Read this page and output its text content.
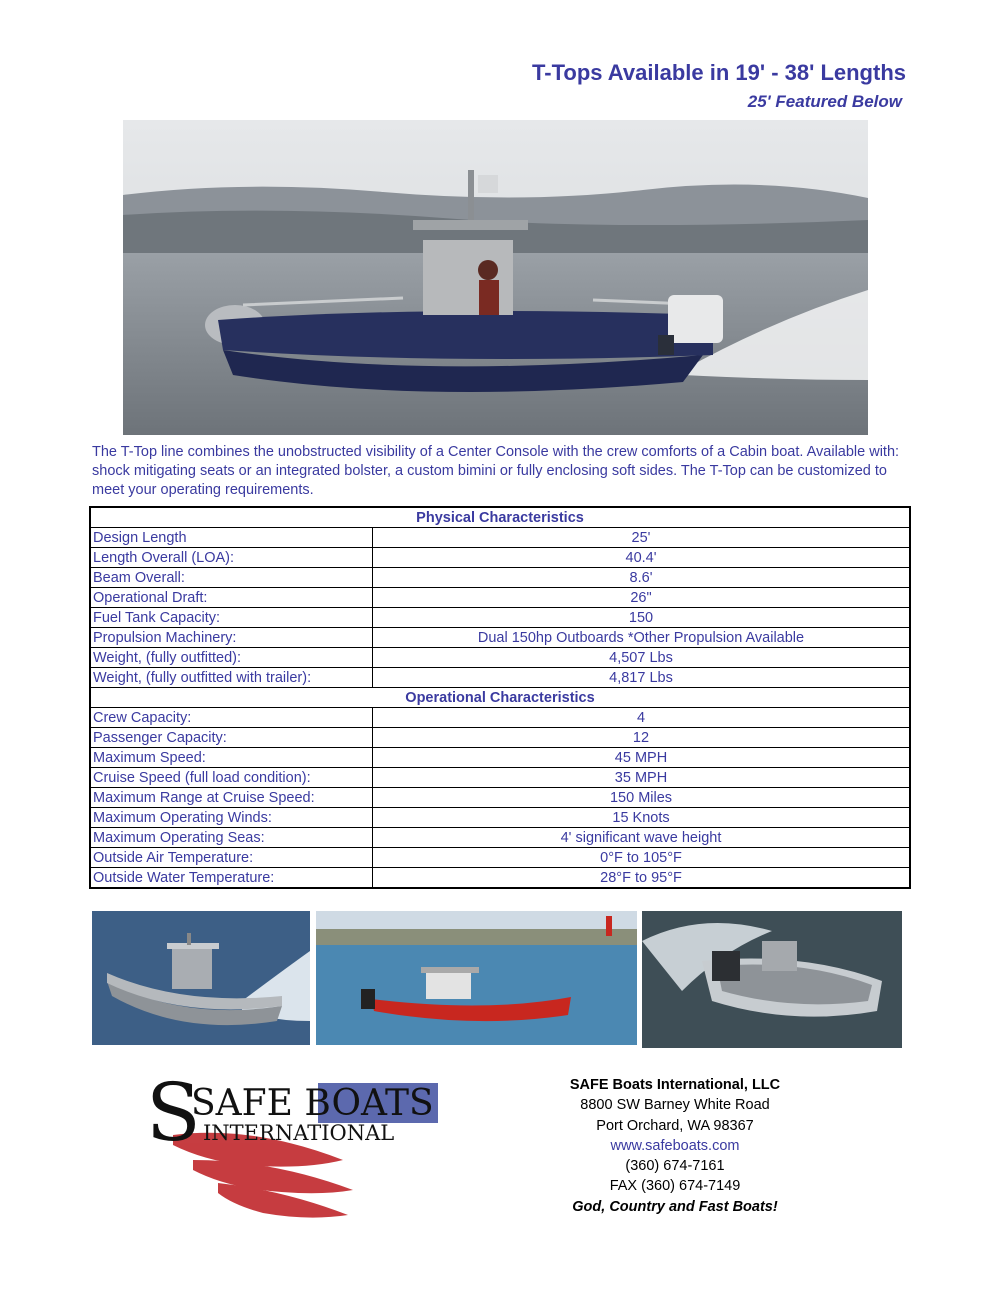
T-Tops Available in 19' - 38' Lengths
25' Featured Below
The T-Top line combines the unobstructed visibility of a Center Console with the crew comforts of a Cabin boat. Available with: shock mitigating seats or an integrated bolster, a custom bimini or fully enclosing soft sides. The T-Top can be customized to meet your operating requirements.
Physical Characteristics	
Design Length	25'
Length Overall (LOA):	40.4'
Beam Overall:	8.6'
Operational Draft:	26"
Fuel Tank Capacity:	150
Propulsion Machinery:	Dual 150hp Outboards *Other Propulsion Available
Weight, (fully outfitted):	4,507 Lbs
Weight, (fully outfitted with trailer):	4,817 Lbs
Operational Characteristics	
Crew Capacity:	4
Passenger Capacity:	12
Maximum Speed:	45 MPH
Cruise Speed (full load condition):	35 MPH
Maximum Range at Cruise Speed:	150 Miles
Maximum Operating Winds:	15 Knots
Maximum Operating Seas:	4' significant wave height
Outside Air Temperature:	0°F to 105°F
Outside Water Temperature:	28°F to 95°F
S
SAFE BOATS
INTERNATIONAL
SAFE Boats International, LLC
8800 SW Barney White Road
Port Orchard, WA 98367
www.safeboats.com
(360) 674-7161
FAX (360) 674-7149
God, Country and Fast Boats!
